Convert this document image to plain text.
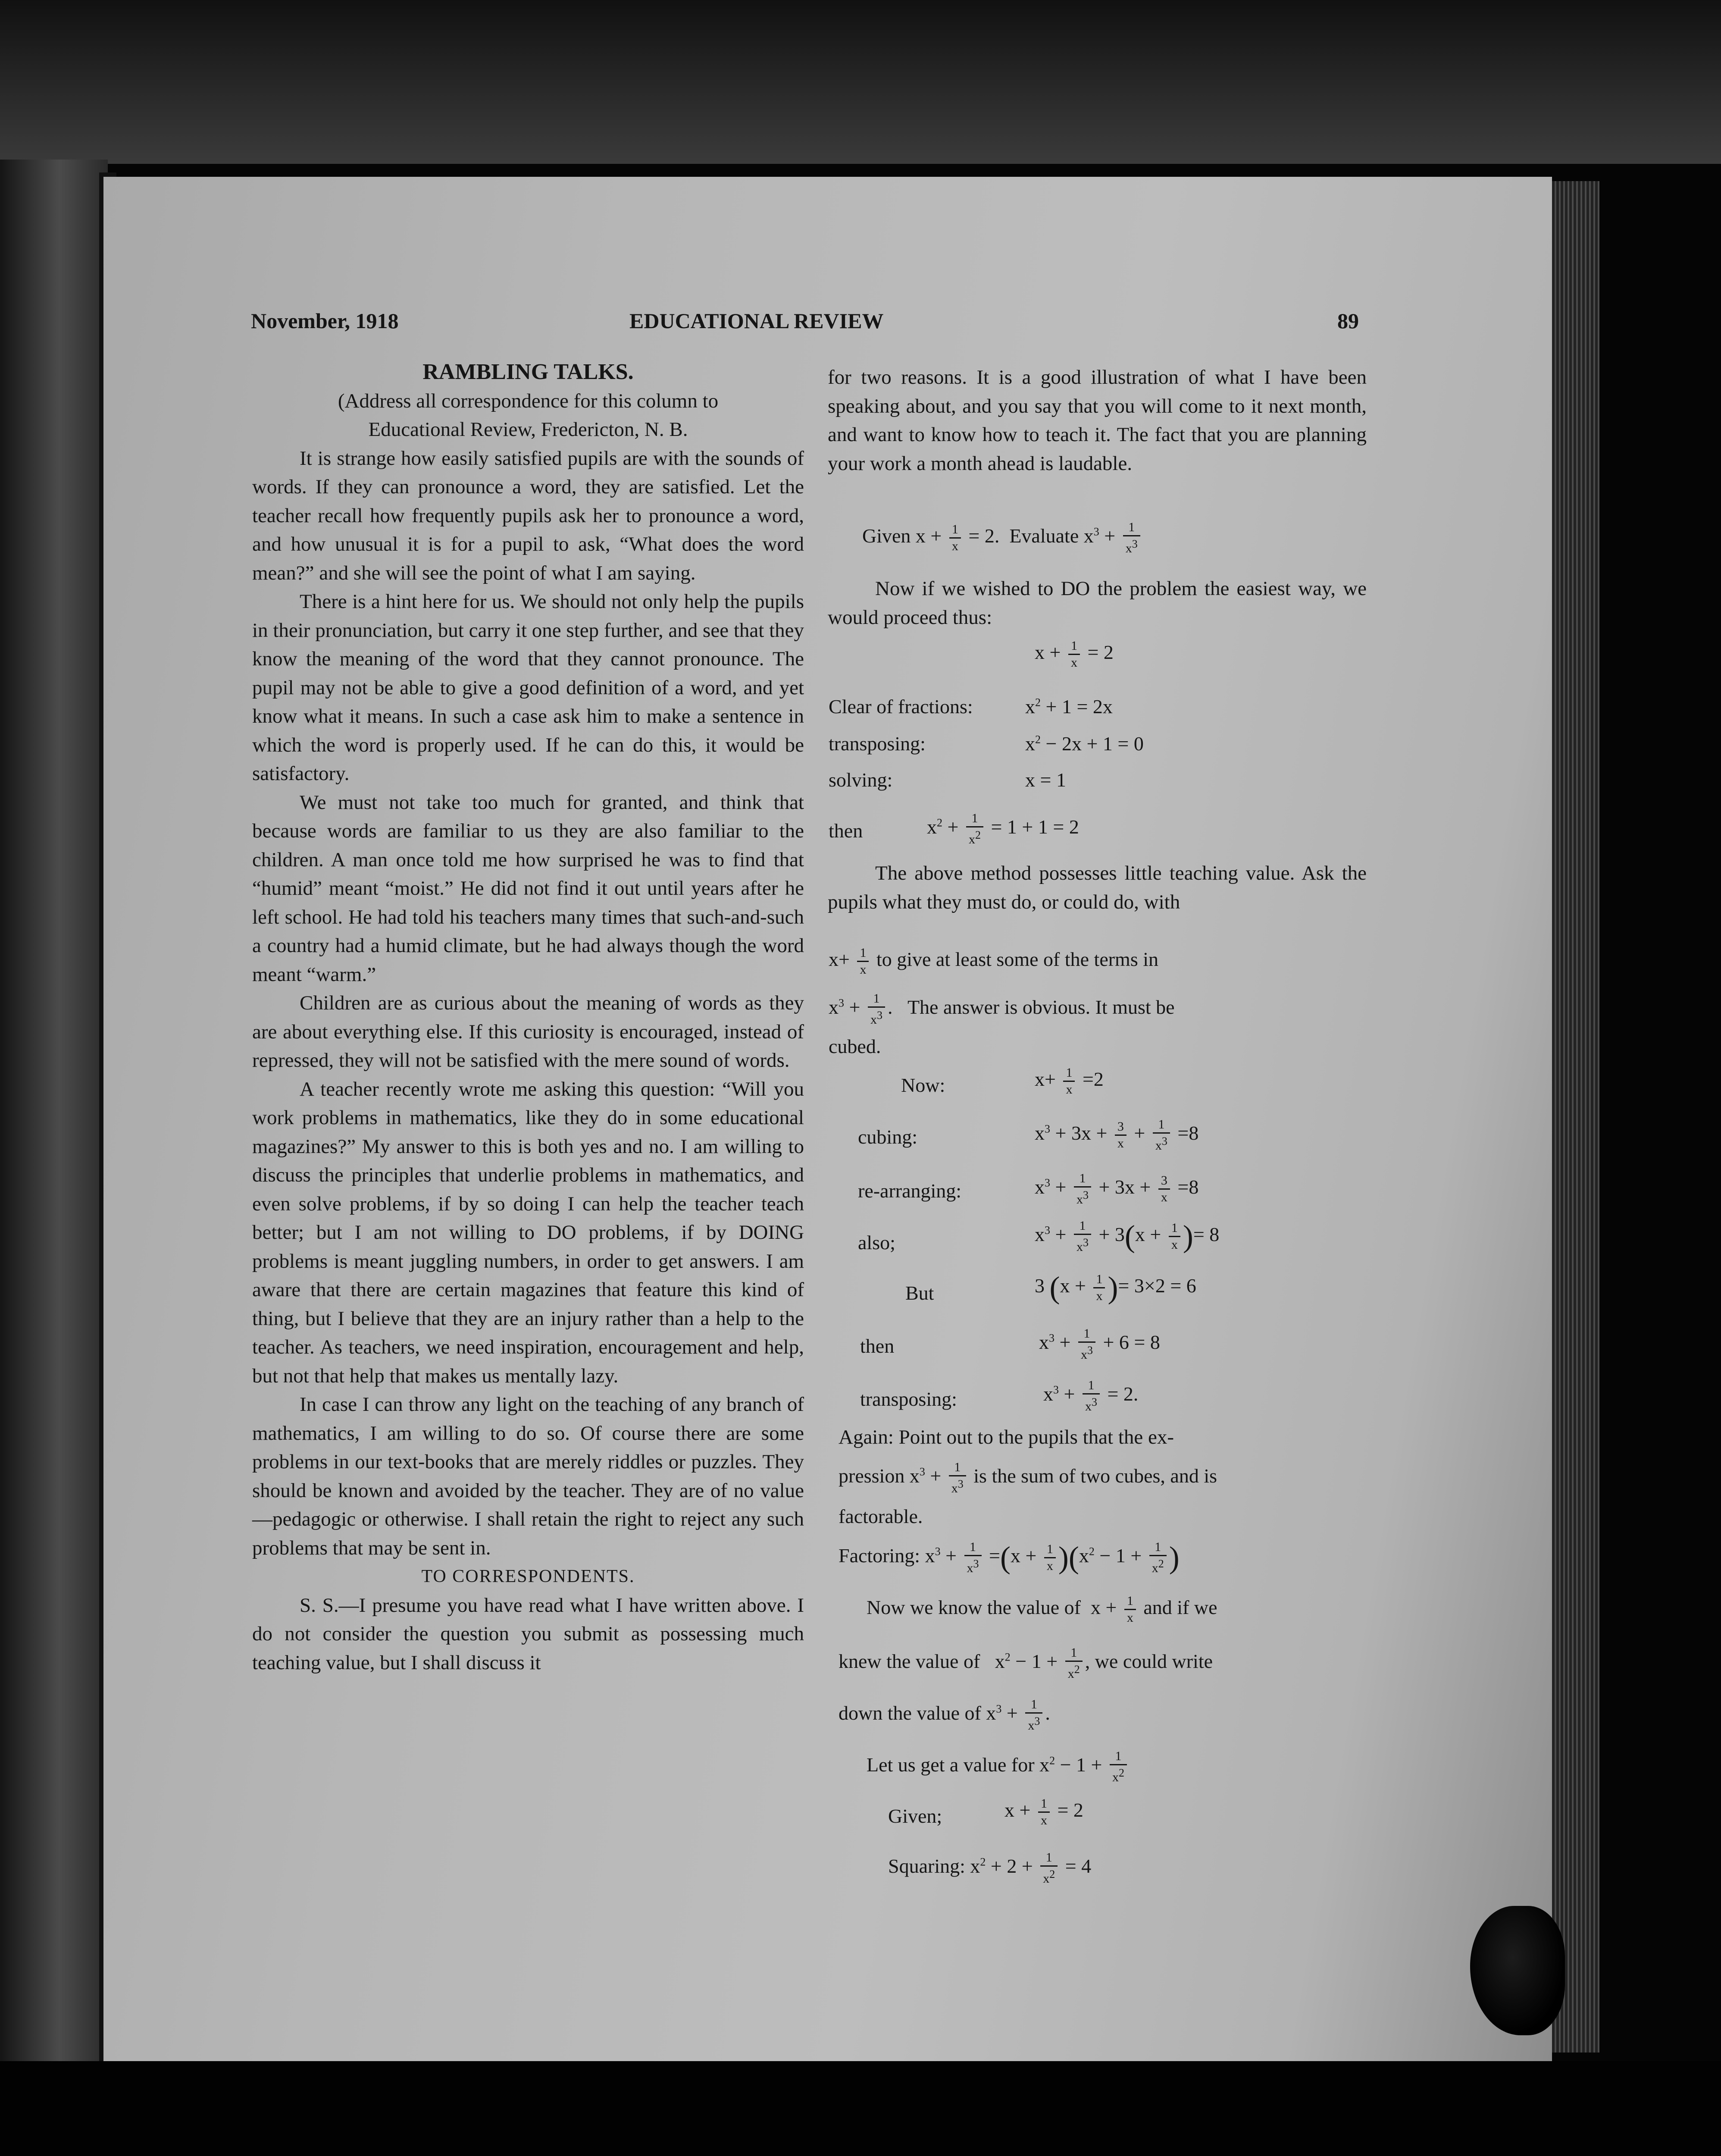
November, 1918	EDUCATIONAL REVIEW	89
RAMBLING TALKS.
(Address all correspondence for this column to
Educational Review, Fredericton, N. B.

It is strange how easily satisfied pupils are with the sounds of words. If they can pronounce a word, they are satisfied. Let the teacher recall how frequently pupils ask her to pronounce a word, and how unusual it is for a pupil to ask, “What does the word mean?” and she will see the point of what I am saying.

There is a hint here for us. We should not only help the pupils in their pronunciation, but carry it one step further, and see that they know the meaning of the word that they cannot pronounce. The pupil may not be able to give a good definition of a word, and yet know what it means. In such a case ask him to make a sentence in which the word is properly used. If he can do this, it would be satisfactory.

We must not take too much for granted, and think that because words are familiar to us they are also familiar to the children. A man once told me how surprised he was to find that “humid” meant “moist.” He did not find it out until years after he left school. He had told his teachers many times that such-and-such a country had a humid climate, but he had always though the word meant “warm.”

Children are as curious about the meaning of words as they are about everything else. If this curiosity is encouraged, instead of repressed, they will not be satisfied with the mere sound of words.

A teacher recently wrote me asking this question: “Will you work problems in mathematics, like they do in some educational magazines?” My answer to this is both yes and no. I am willing to discuss the principles that underlie problems in mathematics, and even solve problems, if by so doing I can help the teacher teach better; but I am not willing to DO problems, if by DOING problems is meant juggling numbers, in order to get answers. I am aware that there are certain magazines that feature this kind of thing, but I believe that they are an injury rather than a help to the teacher. As teachers, we need inspiration, encouragement and help, but not that help that makes us mentally lazy.

In case I can throw any light on the teaching of any branch of mathematics, I am willing to do so. Of course there are some problems in our text-books that are merely riddles or puzzles. They should be known and avoided by the teacher. They are of no value—pedagogic or otherwise. I shall retain the right to reject any such problems that may be sent in.

TO CORRESPONDENTS.

S. S.—I presume you have read what I have written above. I do not consider the question you submit as possessing much teaching value, but I shall discuss it

for two reasons. It is a good illustration of what I have been speaking about, and you say that you will come to it next month, and want to know how to teach it. The fact that you are planning your work a month ahead is laudable.

Given $x + \frac{1}{x} = 2$.  Evaluate $x^3 + \frac{1}{x^3}$

Now if we wished to DO the problem the easiest way, we would proceed thus:

$x + \frac{1}{x} = 2$
Clear of fractions:	$x^2 + 1 = 2x$
transposing:	$x^2 - 2x + 1 = 0$
solving:	x = 1
then	$x^2 + \frac{1}{x^2} = 1 + 1 = 2$

The above method possesses little teaching value. Ask the pupils what they must do, or could do, with

$x+ \frac{1}{x}$ to give at least some of the terms in
$x^3 + \frac{1}{x^3}$ .   The answer is obvious. It must be
cubed.
Now:	$x+ \frac{1}{x} =2$
cubing:	$x^3 + 3x + \frac{3}{x} + \frac{1}{x^3} =8$
re-arranging:	$x^3 + \frac{1}{x^3} + 3x + \frac{3}{x} =8$
also;	$x^3 + \frac{1}{x^3} + 3(x + \frac{1}{x}$ )= 8
But	3 ($x + \frac{1}{x}$ )= 3×2 = 6
then	$x^3 + \frac{1}{x^3} + 6 = 8$
transposing:	$x^3 + \frac{1}{x^3} = 2$.

Again: Point out to the pupils that the ex-

pression $x^3 + \frac{1}{x^3}$ is the sum of two cubes, and is
factorable.
Factoring: $x^3 + \frac{1}{x^3} =(x + \frac{1}{x} )(x^2 - 1 + \frac{1}{x^2}$ )
Now we know the value of $x + \frac{1}{x}$ and if we
knew the value of $x^2 - 1 + \frac{1}{x^2}$ , we could write
down the value of $x^3 + \frac{1}{x^3}$ .
Let us get a value for $x^2 - 1 + \frac{1}{x^2}$
Given;	$x + \frac{1}{x} = 2$
Squaring: $x^2 + 2 + \frac{1}{x^2} = 4$
